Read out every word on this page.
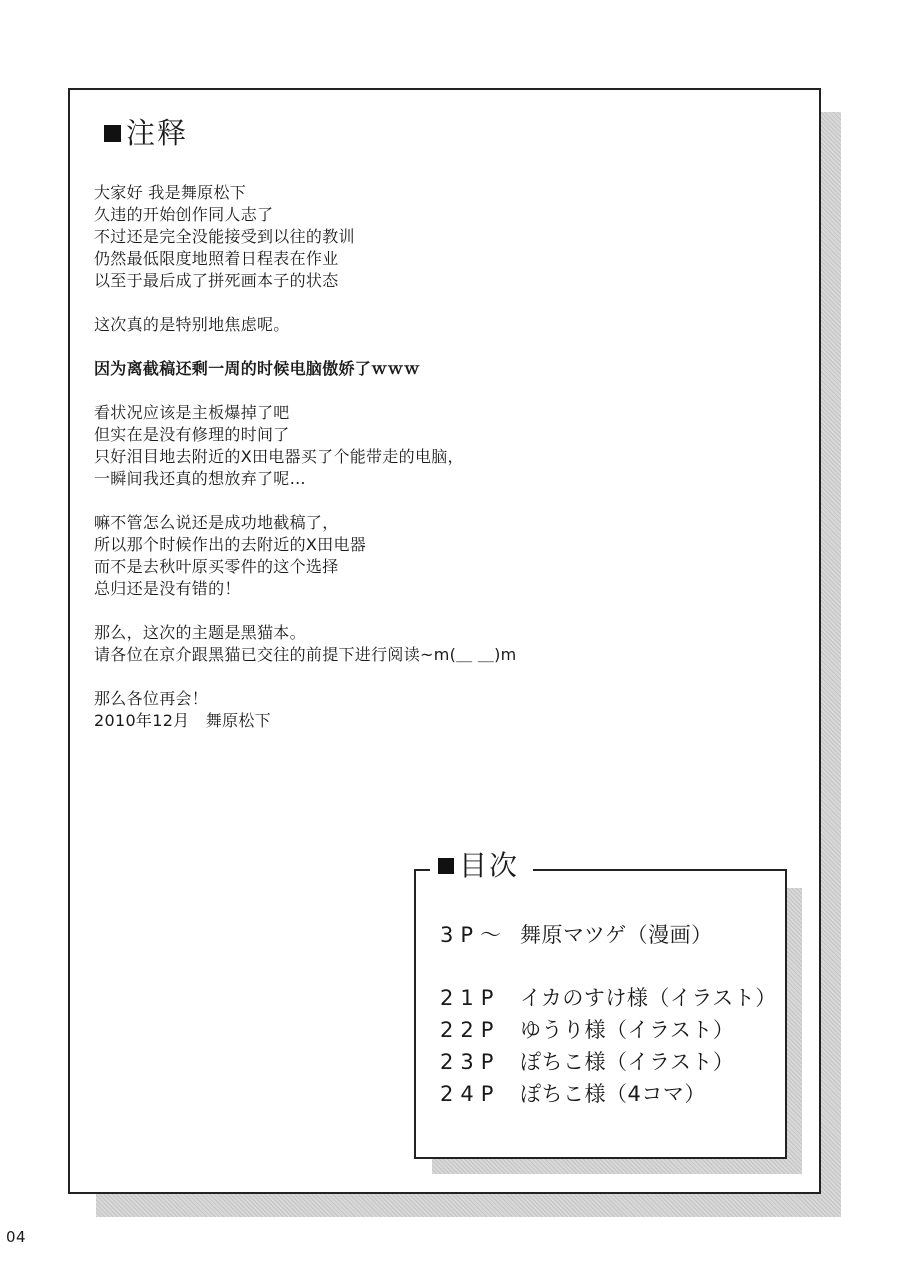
注释
大家好 我是舞原松下
久违的开始创作同人志了
不过还是完全没能接受到以往的教训
仍然最低限度地照着日程表在作业
以至于最后成了拼死画本子的状态
这次真的是特别地焦虑呢。
因为离截稿还剩一周的时候电脑傲娇了ｗｗｗ
看状况应该是主板爆掉了吧
但实在是没有修理的时间了
只好泪目地去附近的X田电器买了个能带走的电脑，
一瞬间我还真的想放弃了呢…
嘛不管怎么说还是成功地截稿了，
所以那个时候作出的去附近的X田电器
而不是去秋叶原买零件的这个选择
总归还是没有错的！
那么，这次的主题是黑猫本。
请各位在京介跟黑猫已交往的前提下进行阅读~m(＿ ＿)m
那么各位再会！
2010年12月　舞原松下
目次
3P～ 舞原マツゲ（漫画）
21P イカのすけ様（イラスト）
22P ゆうり様（イラスト）
23P ぽちこ様（イラスト）
24P ぽちこ様（4コマ）
04
